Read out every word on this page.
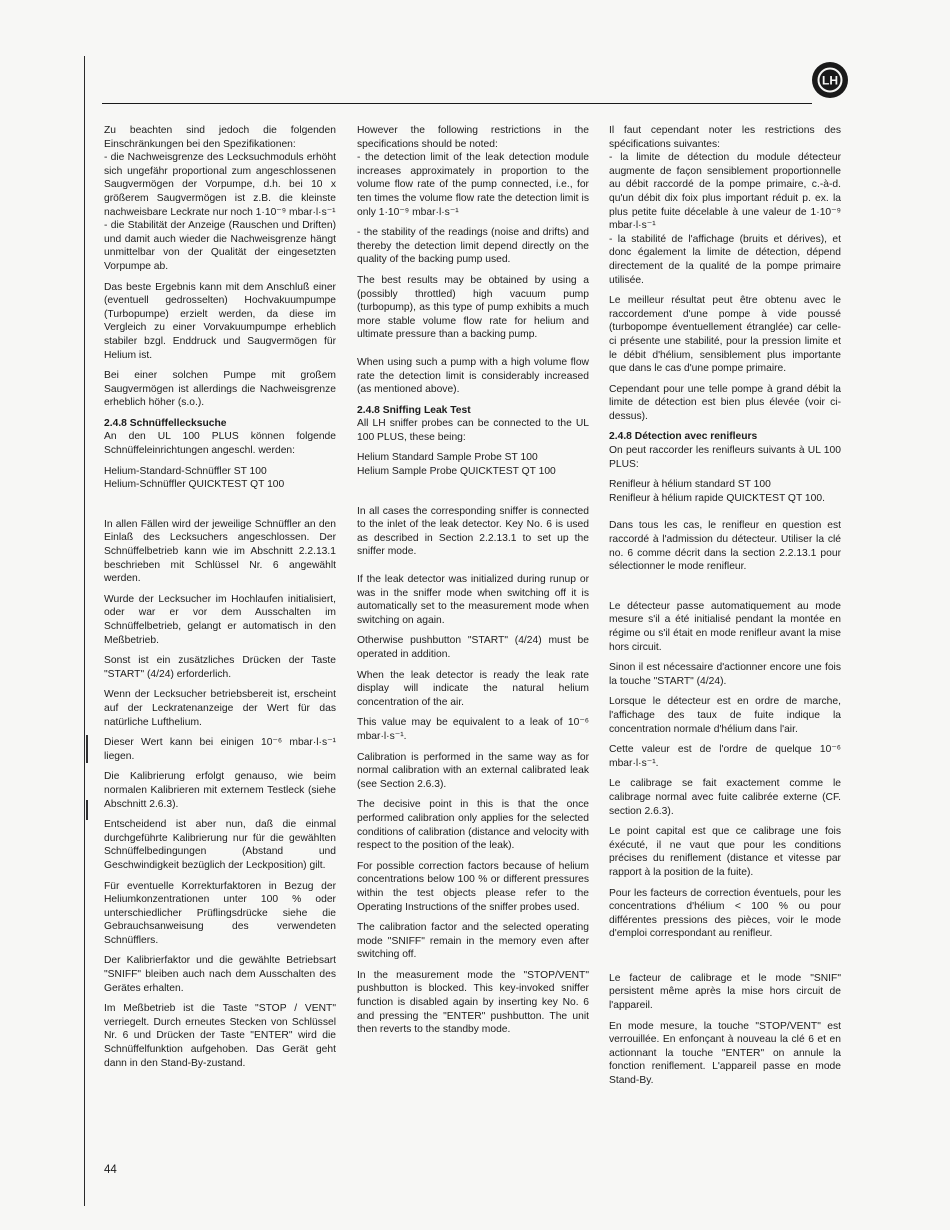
LH

Zu beachten sind jedoch die folgenden Einschränkungen bei den Spezifikationen:

- die Nachweisgrenze des Lecksuchmoduls erhöht sich ungefähr proportional zum angeschlossenen Saugvermögen der Vorpumpe, d.h. bei 10 x größerem Saugvermögen ist z.B. die kleinste nachweisbare Leckrate nur noch 1·10⁻⁹ mbar·l·s⁻¹

- die Stabilität der Anzeige (Rauschen und Driften) und damit auch wieder die Nachweisgrenze hängt unmittelbar von der Qualität der eingesetzten Vorpumpe ab.

Das beste Ergebnis kann mit dem Anschluß einer (eventuell gedrosselten) Hochvakuumpumpe (Turbopumpe) erzielt werden, da diese im Vergleich zu einer Vorvakuumpumpe erheblich stabiler bzgl. Enddruck und Saugvermögen für Helium ist.

Bei einer solchen Pumpe mit großem Saugvermögen ist allerdings die Nachweisgrenze erheblich höher (s.o.).

2.4.8 Schnüffellecksuche

An den UL 100 PLUS können folgende Schnüffeleinrichtungen angeschl. werden:

Helium-Standard-Schnüffler ST 100

Helium-Schnüffler QUICKTEST QT 100

In allen Fällen wird der jeweilige Schnüffler an den Einlaß des Lecksuchers angeschlossen. Der Schnüffelbetrieb kann wie im Abschnitt 2.2.13.1 beschrieben mit Schlüssel Nr. 6 angewählt werden.

Wurde der Lecksucher im Hochlaufen initialisiert, oder war er vor dem Ausschalten im Schnüffelbetrieb, gelangt er automatisch in den Meßbetrieb.

Sonst ist ein zusätzliches Drücken der Taste "START" (4/24) erforderlich.

Wenn der Lecksucher betriebsbereit ist, erscheint auf der Leckratenanzeige der Wert für das natürliche Lufthelium.

Dieser Wert kann bei einigen 10⁻⁶ mbar·l·s⁻¹ liegen.

Die Kalibrierung erfolgt genauso, wie beim normalen Kalibrieren mit externem Testleck (siehe Abschnitt 2.6.3).

Entscheidend ist aber nun, daß die einmal durchgeführte Kalibrierung nur für die gewählten Schnüffelbedingungen (Abstand und Geschwindigkeit bezüglich der Leckposition) gilt.

Für eventuelle Korrekturfaktoren in Bezug der Heliumkonzentrationen unter 100 % oder unterschiedlicher Prüflingsdrücke siehe die Gebrauchsanweisung des verwendeten Schnüfflers.

Der Kalibrierfaktor und die gewählte Betriebsart "SNIFF" bleiben auch nach dem Ausschalten des Gerätes erhalten.

Im Meßbetrieb ist die Taste "STOP / VENT" verriegelt. Durch erneutes Stecken von Schlüssel Nr. 6 und Drücken der Taste "ENTER" wird die Schnüffelfunktion aufgehoben. Das Gerät geht dann in den Stand-By-zustand.

However the following restrictions in the specifications should be noted:

- the detection limit of the leak detection module increases approximately in proportion to the volume flow rate of the pump connected, i.e., for ten times the volume flow rate the detection limit is only 1·10⁻⁹ mbar·l·s⁻¹

- the stability of the readings (noise and drifts) and thereby the detection limit depend directly on the quality of the backing pump used.

The best results may be obtained by using a (possibly throttled) high vacuum pump (turbopump), as this type of pump exhibits a much more stable volume flow rate for helium and ultimate pressure than a backing pump.

When using such a pump with a high volume flow rate the detection limit is considerably increased (as mentioned above).

2.4.8 Sniffing Leak Test

All LH sniffer probes can be connected to the UL 100 PLUS, these being:

Helium Standard Sample Probe ST 100

Helium Sample Probe QUICKTEST QT 100

In all cases the corresponding sniffer is connected to the inlet of the leak detector. Key No. 6 is used as described in Section 2.2.13.1 to set up the sniffer mode.

If the leak detector was initialized during runup or was in the sniffer mode when switching off it is automatically set to the measurement mode when switching on again.

Otherwise pushbutton "START" (4/24) must be operated in addition.

When the leak detector is ready the leak rate display will indicate the natural helium concentration of the air.

This value may be equivalent to a leak of 10⁻⁶ mbar·l·s⁻¹.

Calibration is performed in the same way as for normal calibration with an external calibrated leak (see Section 2.6.3).

The decisive point in this is that the once performed calibration only applies for the selected conditions of calibration (distance and velocity with respect to the position of the leak).

For possible correction factors because of helium concentrations below 100 % or different pressures within the test objects please refer to the Operating Instructions of the sniffer probes used.

The calibration factor and the selected operating mode "SNIFF" remain in the memory even after switching off.

In the measurement mode the "STOP/VENT" pushbutton is blocked. This key-invoked sniffer function is disabled again by inserting key No. 6 and pressing the "ENTER" pushbutton. The unit then reverts to the standby mode.

Il faut cependant noter les restrictions des spécifications suivantes:

- la limite de détection du module détecteur augmente de façon sensiblement proportionnelle au débit raccordé de la pompe primaire, c.-à-d. qu'un débit dix foix plus important réduit p. ex. la plus petite fuite décelable à une valeur de 1·10⁻⁹ mbar·l·s⁻¹

- la stabilité de l'affichage (bruits et dérives), et donc également la limite de détection, dépend directement de la qualité de la pompe primaire utilisée.

Le meilleur résultat peut être obtenu avec le raccordement d'une pompe à vide poussé (turbopompe éventuellement étranglée) car celle-ci présente une stabilité, pour la pression limite et le débit d'hélium, sensiblement plus importante que dans le cas d'une pompe primaire.

Cependant pour une telle pompe à grand débit la limite de détection est bien plus élevée (voir ci-dessus).

2.4.8 Détection avec renifleurs

On peut raccorder les renifleurs suivants à UL 100 PLUS:

Renifleur à hélium standard ST 100

Renifleur à hélium rapide QUICKTEST QT 100.

Dans tous les cas, le renifleur en question est raccordé à l'admission du détecteur. Utiliser la clé no. 6 comme décrit dans la section 2.2.13.1 pour sélectionner le mode renifleur.

Le détecteur passe automatiquement au mode mesure s'il a été initialisé pendant la montée en régime ou s'il était en mode renifleur avant la mise hors circuit.

Sinon il est nécessaire d'actionner encore une fois la touche "START" (4/24).

Lorsque le détecteur est en ordre de marche, l'affichage des taux de fuite indique la concentration normale d'hélium dans l'air.

Cette valeur est de l'ordre de quelque 10⁻⁶ mbar·l·s⁻¹.

Le calibrage se fait exactement comme le calibrage normal avec fuite calibrée externe (CF. section 2.6.3).

Le point capital est que ce calibrage une fois éxécuté, il ne vaut que pour les conditions précises du reniflement (distance et vitesse par rapport à la position de la fuite).

Pour les facteurs de correction éventuels, pour les concentrations d'hélium < 100 % ou pour différentes pressions des pièces, voir le mode d'emploi correspondant au renifleur.

Le facteur de calibrage et le mode "SNIF" persistent même après la mise hors circuit de l'appareil.

En mode mesure, la touche "STOP/VENT" est verrouillée. En enfonçant à nouveau la clé 6 et en actionnant la touche "ENTER" on annule la fonction reniflement. L'appareil passe en mode Stand-By.

44
